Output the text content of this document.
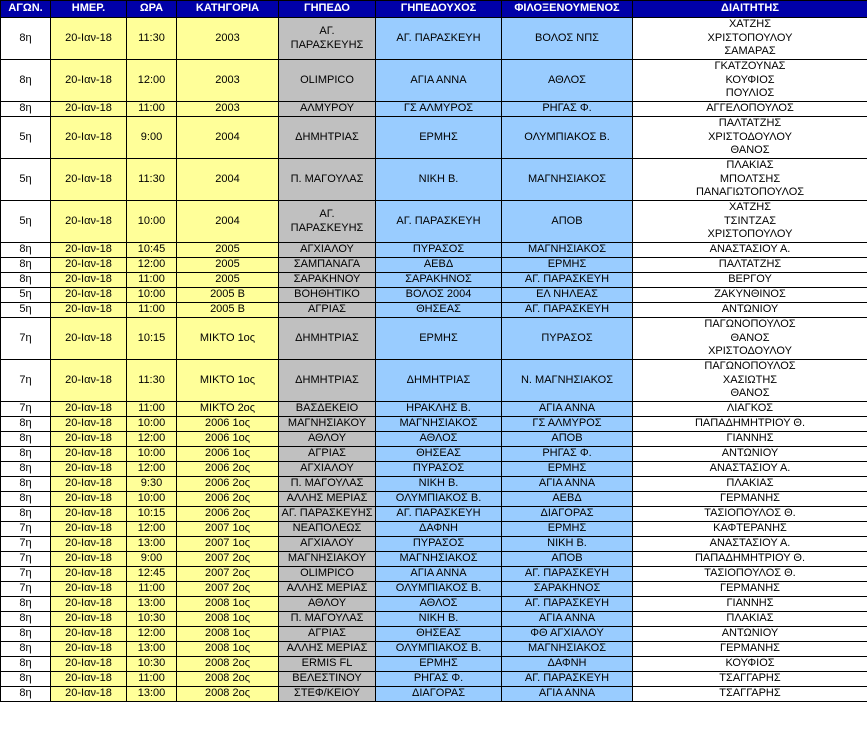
ΑΓΩΝ.	ΗΜΕΡ.	ΩΡΑ	ΚΑΤΗΓΟΡΙΑ	ΓΗΠΕΔΟ	ΓΗΠΕΔΟΥΧΟΣ	ΦΙΛΟΞΕΝΟΥΜΕΝΟΣ	ΔΙΑΙΤΗΤΗΣ
8η	20-Ιαν-18	11:30	2003	ΑΓ.
ΠΑΡΑΣΚΕΥΗΣ	ΑΓ. ΠΑΡΑΣΚΕΥΗ	ΒΟΛΟΣ ΝΠΣ	ΧΑΤΖΗΣ
ΧΡΙΣΤΟΠΟΥΛΟΥ
ΣΑΜΑΡΑΣ
8η	20-Ιαν-18	12:00	2003	OLIMPICO	ΑΓΙΑ ΑΝΝΑ	ΑΘΛΟΣ	ΓΚΑΤΖΟΥΝΑΣ
ΚΟΥΦΙΟΣ
ΠΟΥΛΙΟΣ
8η	20-Ιαν-18	11:00	2003	ΑΛΜΥΡΟΥ	ΓΣ ΑΛΜΥΡΟΣ	ΡΗΓΑΣ Φ.	ΑΓΓΕΛΟΠΟΥΛΟΣ
5η	20-Ιαν-18	9:00	2004	ΔΗΜΗΤΡΙΑΣ	ΕΡΜΗΣ	ΟΛΥΜΠΙΑΚΟΣ Β.	ΠΑΛΤΑΤΖΗΣ
ΧΡΙΣΤΟΔΟΥΛΟΥ
ΘΑΝΟΣ
5η	20-Ιαν-18	11:30	2004	Π. ΜΑΓΟΥΛΑΣ	ΝΙΚΗ Β.	ΜΑΓΝΗΣΙΑΚΟΣ	ΠΛΑΚΙΑΣ
ΜΠΟΛΤΣΗΣ
ΠΑΝΑΓΙΩΤΟΠΟΥΛΟΣ
5η	20-Ιαν-18	10:00	2004	ΑΓ.
ΠΑΡΑΣΚΕΥΗΣ	ΑΓ. ΠΑΡΑΣΚΕΥΗ	ΑΠΟΒ	ΧΑΤΖΗΣ
ΤΣΙΝΤΖΑΣ
ΧΡΙΣΤΟΠΟΥΛΟΥ
8η	20-Ιαν-18	10:45	2005	ΑΓΧΙΑΛΟΥ	ΠΥΡΑΣΟΣ	ΜΑΓΝΗΣΙΑΚΟΣ	ΑΝΑΣΤΑΣΙΟΥ Α.
8η	20-Ιαν-18	12:00	2005	ΣΑΜΠΑΝΑΓΑ	ΑΕΒΔ	ΕΡΜΗΣ	ΠΑΛΤΑΤΖΗΣ
8η	20-Ιαν-18	11:00	2005	ΣΑΡΑΚΗΝΟΥ	ΣΑΡΑΚΗΝΟΣ	ΑΓ. ΠΑΡΑΣΚΕΥΗ	ΒΕΡΓΟΥ
5η	20-Ιαν-18	10:00	2005 Β	ΒΟΗΘΗΤΙΚΟ	ΒΟΛΟΣ 2004	ΕΛ ΝΗΛΕΑΣ	ΖΑΚΥΝΘΙΝΟΣ
5η	20-Ιαν-18	11:00	2005 Β	ΑΓΡΙΑΣ	ΘΗΣΕΑΣ	ΑΓ. ΠΑΡΑΣΚΕΥΗ	ΑΝΤΩΝΙΟΥ
7η	20-Ιαν-18	10:15	ΜΙΚΤΟ 1ος	ΔΗΜΗΤΡΙΑΣ	ΕΡΜΗΣ	ΠΥΡΑΣΟΣ	ΠΑΓΩΝΟΠΟΥΛΟΣ
ΘΑΝΟΣ
ΧΡΙΣΤΟΔΟΥΛΟΥ
7η	20-Ιαν-18	11:30	ΜΙΚΤΟ 1ος	ΔΗΜΗΤΡΙΑΣ	ΔΗΜΗΤΡΙΑΣ	Ν. ΜΑΓΝΗΣΙΑΚΟΣ	ΠΑΓΩΝΟΠΟΥΛΟΣ
ΧΑΣΙΩΤΗΣ
ΘΑΝΟΣ
7η	20-Ιαν-18	11:00	ΜΙΚΤΟ 2ος	ΒΑΣΔΕΚΕΙΟ	ΗΡΑΚΛΗΣ Β.	ΑΓΙΑ ΑΝΝΑ	ΛΙΑΓΚΟΣ
8η	20-Ιαν-18	10:00	2006 1ος	ΜΑΓΝΗΣΙΑΚΟΥ	ΜΑΓΝΗΣΙΑΚΟΣ	ΓΣ ΑΛΜΥΡΟΣ	ΠΑΠΑΔΗΜΗΤΡΙΟΥ Θ.
8η	20-Ιαν-18	12:00	2006 1ος	ΑΘΛΟΥ	ΑΘΛΟΣ	ΑΠΟΒ	ΓΙΑΝΝΗΣ
8η	20-Ιαν-18	10:00	2006 1ος	ΑΓΡΙΑΣ	ΘΗΣΕΑΣ	ΡΗΓΑΣ Φ.	ΑΝΤΩΝΙΟΥ
8η	20-Ιαν-18	12:00	2006 2ος	ΑΓΧΙΑΛΟΥ	ΠΥΡΑΣΟΣ	ΕΡΜΗΣ	ΑΝΑΣΤΑΣΙΟΥ Α.
8η	20-Ιαν-18	9:30	2006 2ος	Π. ΜΑΓΟΥΛΑΣ	ΝΙΚΗ Β.	ΑΓΙΑ ΑΝΝΑ	ΠΛΑΚΙΑΣ
8η	20-Ιαν-18	10:00	2006 2ος	ΑΛΛΗΣ ΜΕΡΙΑΣ	ΟΛΥΜΠΙΑΚΟΣ Β.	ΑΕΒΔ	ΓΕΡΜΑΝΗΣ
8η	20-Ιαν-18	10:15	2006 2ος	ΑΓ. ΠΑΡΑΣΚΕΥΗΣ	ΑΓ. ΠΑΡΑΣΚΕΥΗ	ΔΙΑΓΟΡΑΣ	ΤΑΣΙΟΠΟΥΛΟΣ Θ.
7η	20-Ιαν-18	12:00	2007 1ος	ΝΕΑΠΟΛΕΩΣ	ΔΑΦΝΗ	ΕΡΜΗΣ	ΚΑΦΤΕΡΑΝΗΣ
7η	20-Ιαν-18	13:00	2007 1ος	ΑΓΧΙΑΛΟΥ	ΠΥΡΑΣΟΣ	ΝΙΚΗ Β.	ΑΝΑΣΤΑΣΙΟΥ Α.
7η	20-Ιαν-18	9:00	2007 2ος	ΜΑΓΝΗΣΙΑΚΟΥ	ΜΑΓΝΗΣΙΑΚΟΣ	ΑΠΟΒ	ΠΑΠΑΔΗΜΗΤΡΙΟΥ Θ.
7η	20-Ιαν-18	12:45	2007 2ος	OLIMPICO	ΑΓΙΑ ΑΝΝΑ	ΑΓ. ΠΑΡΑΣΚΕΥΗ	ΤΑΣΙΟΠΟΥΛΟΣ Θ.
7η	20-Ιαν-18	11:00	2007 2ος	ΑΛΛΗΣ ΜΕΡΙΑΣ	ΟΛΥΜΠΙΑΚΟΣ Β.	ΣΑΡΑΚΗΝΟΣ	ΓΕΡΜΑΝΗΣ
8η	20-Ιαν-18	13:00	2008 1ος	ΑΘΛΟΥ	ΑΘΛΟΣ	ΑΓ. ΠΑΡΑΣΚΕΥΗ	ΓΙΑΝΝΗΣ
8η	20-Ιαν-18	10:30	2008 1ος	Π. ΜΑΓΟΥΛΑΣ	ΝΙΚΗ Β.	ΑΓΙΑ ΑΝΝΑ	ΠΛΑΚΙΑΣ
8η	20-Ιαν-18	12:00	2008 1ος	ΑΓΡΙΑΣ	ΘΗΣΕΑΣ	ΦΘ ΑΓΧΙΑΛΟΥ	ΑΝΤΩΝΙΟΥ
8η	20-Ιαν-18	13:00	2008 1ος	ΑΛΛΗΣ ΜΕΡΙΑΣ	ΟΛΥΜΠΙΑΚΟΣ Β.	ΜΑΓΝΗΣΙΑΚΟΣ	ΓΕΡΜΑΝΗΣ
8η	20-Ιαν-18	10:30	2008 2ος	ERMIS FL	ΕΡΜΗΣ	ΔΑΦΝΗ	ΚΟΥΦΙΟΣ
8η	20-Ιαν-18	11:00	2008 2ος	ΒΕΛΕΣΤΙΝΟΥ	ΡΗΓΑΣ Φ.	ΑΓ. ΠΑΡΑΣΚΕΥΗ	ΤΣΑΓΓΑΡΗΣ
8η	20-Ιαν-18	13:00	2008 2ος	ΣΤΕΦ/ΚΕΙΟΥ	ΔΙΑΓΟΡΑΣ	ΑΓΙΑ ΑΝΝΑ	ΤΣΑΓΓΑΡΗΣ
